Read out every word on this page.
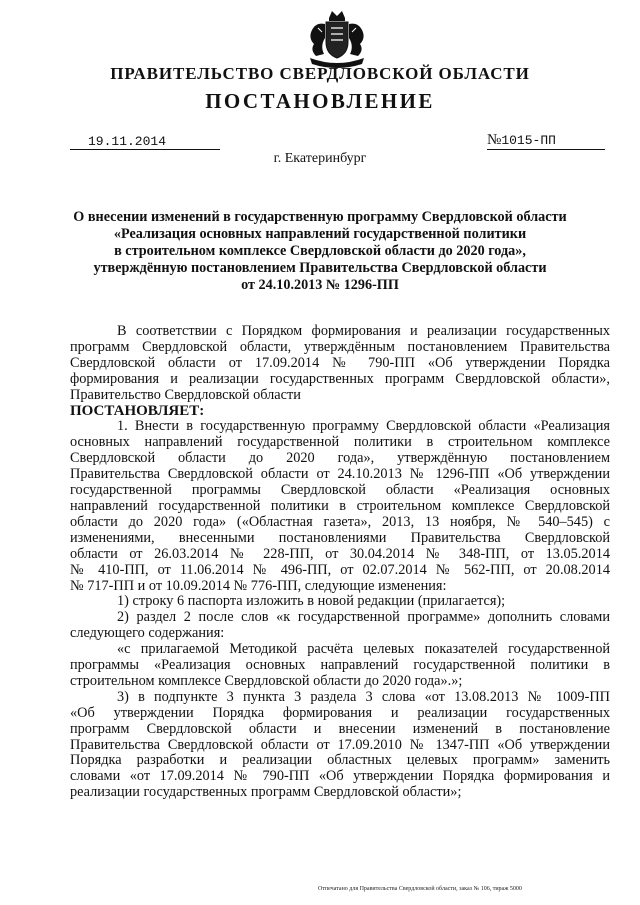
ПРАВИТЕЛЬСТВО СВЕРДЛОВСКОЙ ОБЛАСТИ
ПОСТАНОВЛЕНИЕ
19.11.2014	№1015-ПП
г. Екатеринбург
О внесении изменений в государственную программу Свердловской области
«Реализация основных направлений государственной политики
в строительном комплексе Свердловской области до 2020 года»,
утверждённую постановлением Правительства Свердловской области
от 24.10.2013 № 1296-ПП

В соответствии с Порядком формирования и реализации государственных

программ Свердловской области, утверждённым постановлением Правительства

Свердловской области от 17.09.2014 № 790-ПП «Об утверждении Порядка

формирования и реализации государственных программ Свердловской области»,

Правительство Свердловской области

ПОСТАНОВЛЯЕТ:

1. Внести в государственную программу Свердловской области «Реализация

основных направлений государственной политики в строительном комплексе

Свердловской области до 2020 года», утверждённую постановлением

Правительства Свердловской области от 24.10.2013 № 1296-ПП «Об утверждении

государственной программы Свердловской области «Реализация основных

направлений государственной политики в строительном комплексе Свердловской

области до 2020 года» («Областная газета», 2013, 13 ноября, № 540–545) с

изменениями, внесенными постановлениями Правительства Свердловской

области от 26.03.2014 № 228-ПП, от 30.04.2014 № 348-ПП, от 13.05.2014

№ 410-ПП, от 11.06.2014 № 496-ПП, от 02.07.2014 № 562-ПП, от 20.08.2014

№ 717-ПП и от 10.09.2014 № 776-ПП, следующие изменения:

1) строку 6 паспорта изложить в новой редакции (прилагается);

2) раздел 2 после слов «к государственной программе» дополнить словами

следующего содержания:

«с прилагаемой Методикой расчёта целевых показателей государственной

программы «Реализация основных направлений государственной политики в

строительном комплексе Свердловской области до 2020 года».»;

3) в подпункте 3 пункта 3 раздела 3 слова «от 13.08.2013 № 1009-ПП

«Об утверждении Порядка формирования и реализации государственных

программ Свердловской области и внесении изменений в постановление

Правительства Свердловской области от 17.09.2010 № 1347-ПП «Об утверждении

Порядка разработки и реализации областных целевых программ» заменить

словами «от 17.09.2014 № 790-ПП «Об утверждении Порядка формирования и

реализации государственных программ Свердловской области»;

Отпечатано для Правительства Свердловской области, заказ № 106, тираж 5000
